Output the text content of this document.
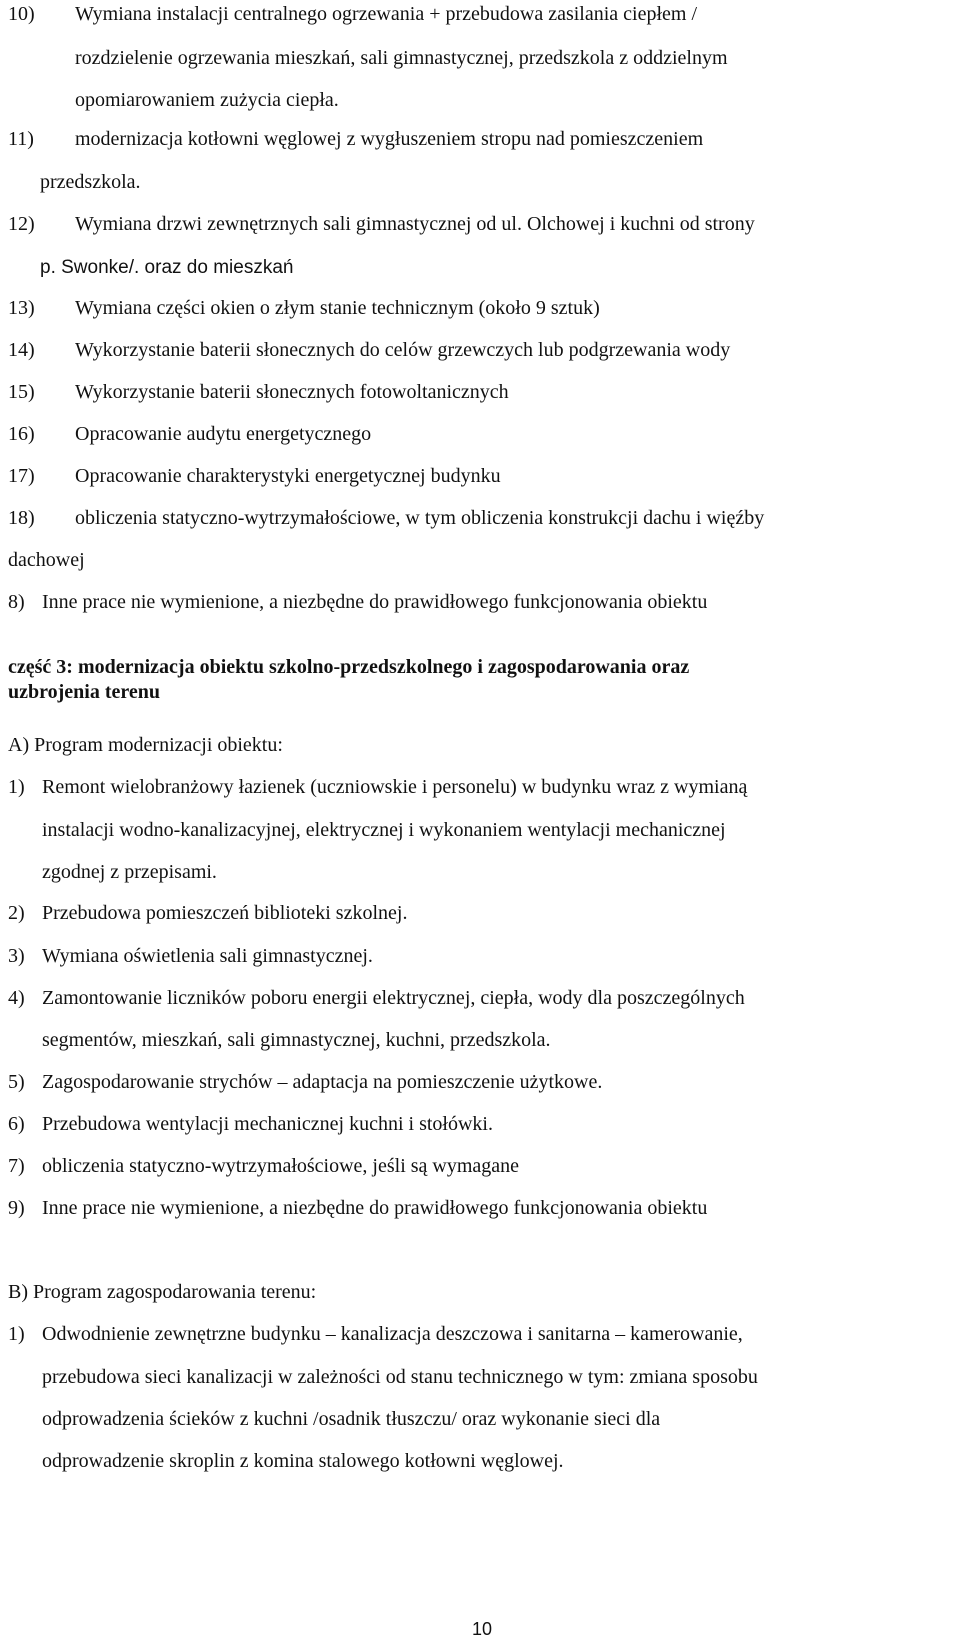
10) Wymiana instalacji centralnego ogrzewania + przebudowa zasilania ciepłem /
rozdzielenie ogrzewania mieszkań, sali gimnastycznej, przedszkola z oddzielnym
opomiarowaniem zużycia ciepła.
11) modernizacja kotłowni węglowej z wygłuszeniem stropu nad pomieszczeniem
przedszkola.
12) Wymiana drzwi zewnętrznych sali gimnastycznej od ul. Olchowej i kuchni od strony
p. Swonke/. oraz do mieszkań
13) Wymiana części okien o złym stanie technicznym (około 9 sztuk)
14) Wykorzystanie baterii słonecznych do celów grzewczych lub podgrzewania wody
15) Wykorzystanie baterii słonecznych fotowoltanicznych
16) Opracowanie audytu energetycznego
17) Opracowanie charakterystyki energetycznej budynku
18) obliczenia statyczno-wytrzymałościowe, w tym obliczenia konstrukcji dachu i więźby
dachowej
8) Inne prace nie wymienione, a niezbędne do prawidłowego funkcjonowania obiektu
część 3: modernizacja obiektu szkolno-przedszkolnego i zagospodarowania oraz
uzbrojenia terenu
A) Program modernizacji obiektu:
1) Remont wielobranżowy łazienek (uczniowskie i personelu) w budynku wraz z wymianą
instalacji wodno-kanalizacyjnej, elektrycznej i wykonaniem wentylacji mechanicznej
zgodnej z przepisami.
2) Przebudowa pomieszczeń biblioteki szkolnej.
3) Wymiana oświetlenia sali gimnastycznej.
4) Zamontowanie liczników poboru energii elektrycznej, ciepła, wody dla poszczególnych
segmentów, mieszkań, sali gimnastycznej, kuchni, przedszkola.
5) Zagospodarowanie strychów – adaptacja na pomieszczenie użytkowe.
6) Przebudowa wentylacji mechanicznej kuchni i stołówki.
7) obliczenia statyczno-wytrzymałościowe, jeśli są wymagane
9) Inne prace nie wymienione, a niezbędne do prawidłowego funkcjonowania obiektu
B) Program zagospodarowania terenu:
1) Odwodnienie zewnętrzne budynku – kanalizacja deszczowa i sanitarna – kamerowanie,
przebudowa sieci kanalizacji w zależności od stanu technicznego w tym: zmiana sposobu
odprowadzenia ścieków z kuchni /osadnik tłuszczu/ oraz wykonanie sieci dla
odprowadzenie skroplin z komina stalowego kotłowni węglowej.
10
